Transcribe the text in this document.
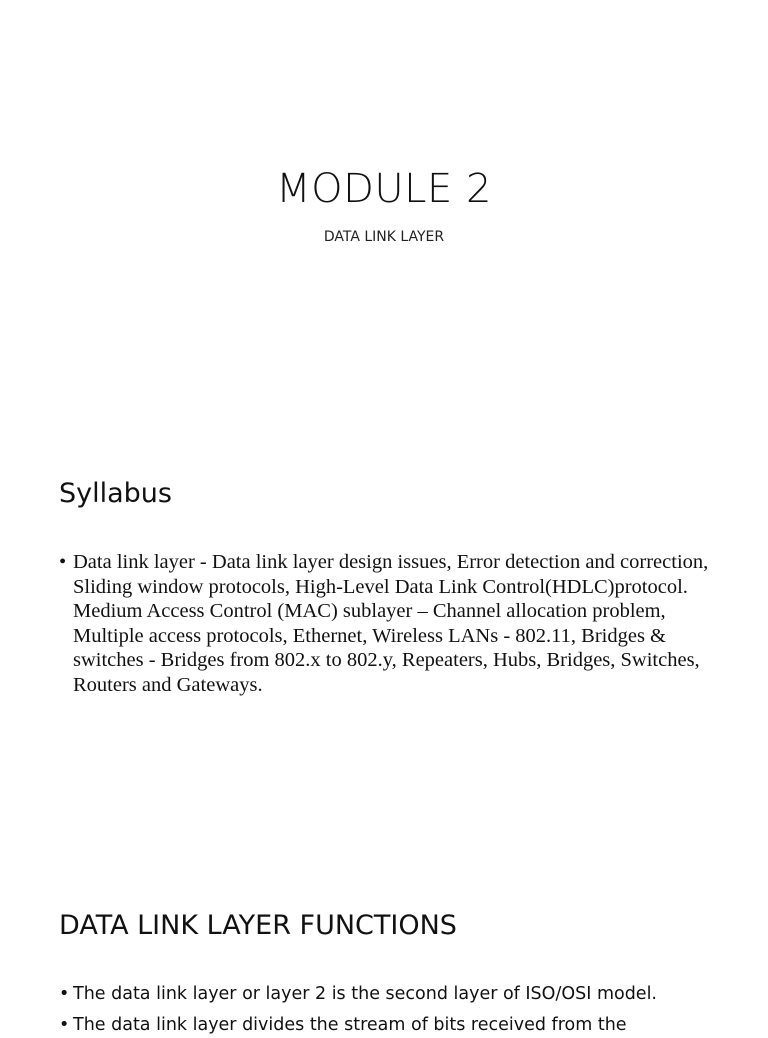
MODULE 2
DATA LINK LAYER
Syllabus
• Data link layer - Data link layer design issues, Error detection and correction, Sliding window protocols, High-Level Data Link Control(HDLC)protocol. Medium Access Control (MAC) sublayer – Channel allocation problem, Multiple access protocols, Ethernet, Wireless LANs - 802.11, Bridges & switches - Bridges from 802.x to 802.y, Repeaters, Hubs, Bridges, Switches, Routers and Gateways.
DATA LINK LAYER FUNCTIONS
• The data link layer or layer 2 is the second layer of ISO/OSI model.
• The data link layer divides the stream of bits received from the
